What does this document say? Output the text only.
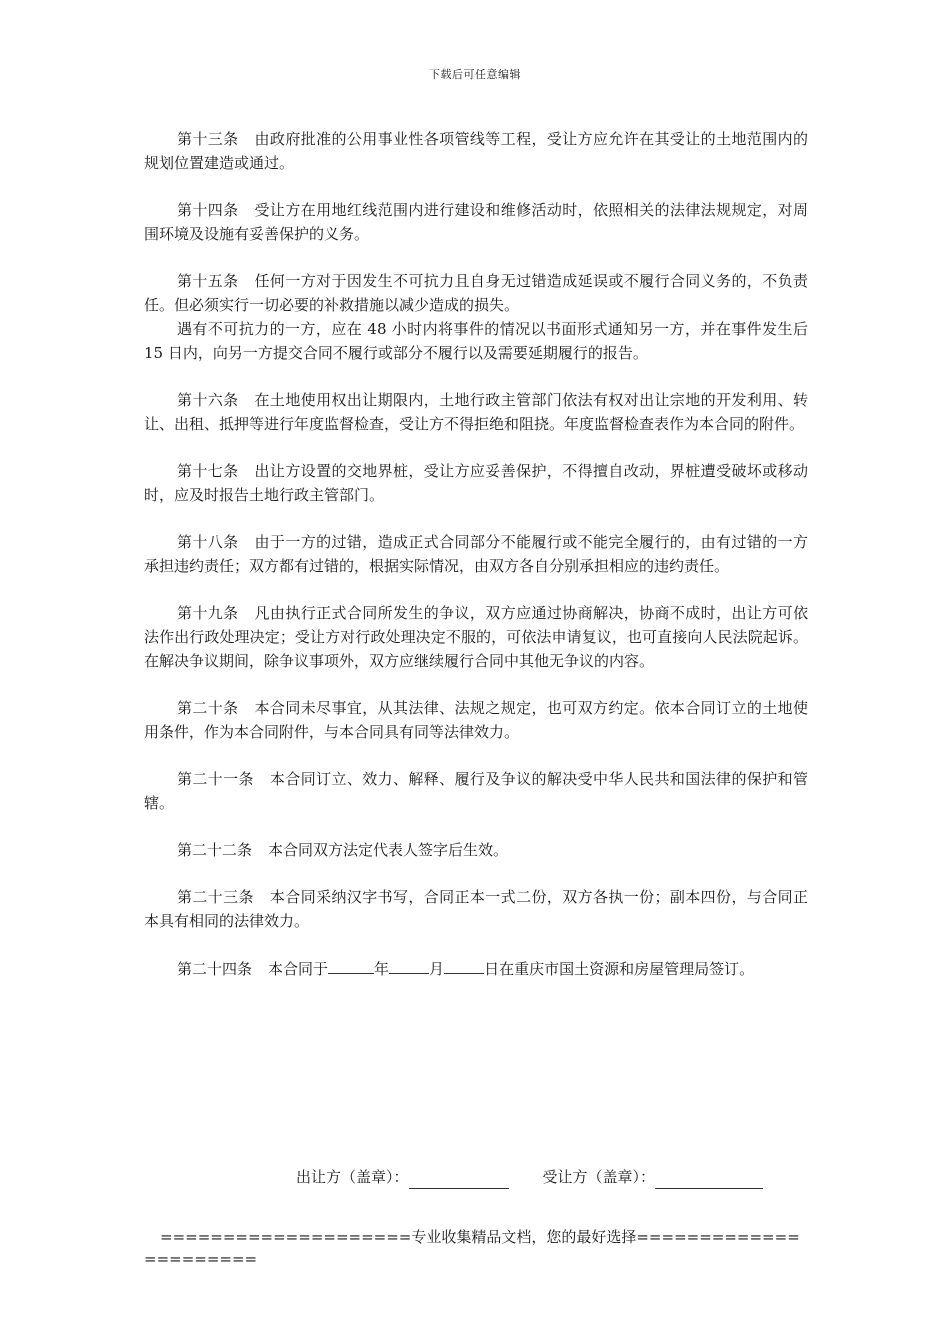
下载后可任意编辑

第十三条 由政府批准的公用事业性各项管线等工程，受让方应允许在其受让的土地范围内的规划位置建造或通过。

第十四条 受让方在用地红线范围内进行建设和维修活动时，依照相关的法律法规规定，对周围环境及设施有妥善保护的义务。

第十五条 任何一方对于因发生不可抗力且自身无过错造成延误或不履行合同义务的，不负责任。但必须实行一切必要的补救措施以减少造成的损失。

遇有不可抗力的一方，应在 48 小时内将事件的情况以书面形式通知另一方，并在事件发生后 15 日内，向另一方提交合同不履行或部分不履行以及需要延期履行的报告。

第十六条 在土地使用权出让期限内，土地行政主管部门依法有权对出让宗地的开发利用、转让、出租、抵押等进行年度监督检查，受让方不得拒绝和阻挠。年度监督检查表作为本合同的附件。

第十七条 出让方设置的交地界桩，受让方应妥善保护，不得擅自改动，界桩遭受破坏或移动时，应及时报告土地行政主管部门。

第十八条 由于一方的过错，造成正式合同部分不能履行或不能完全履行的，由有过错的一方承担违约责任；双方都有过错的，根据实际情况，由双方各自分别承担相应的违约责任。

第十九条 凡由执行正式合同所发生的争议，双方应通过协商解决，协商不成时，出让方可依法作出行政处理决定；受让方对行政处理决定不服的，可依法申请复议，也可直接向人民法院起诉。在解决争议期间，除争议事项外，双方应继续履行合同中其他无争议的内容。

第二十条 本合同未尽事宜，从其法律、法规之规定，也可双方约定。依本合同订立的土地使用条件，作为本合同附件，与本合同具有同等法律效力。

第二十一条 本合同订立、效力、解释、履行及争议的解决受中华人民共和国法律的保护和管辖。

第二十二条 本合同双方法定代表人签字后生效。

第二十三条 本合同采纳汉字书写，合同正本一式二份，双方各执一份；副本四份，与合同正本具有相同的法律效力。

第二十四条 本合同于	年	月	日在重庆市国土资源和房屋管理局签订。

出让方（盖章）：	受让方（盖章）：
====================专业收集精品文档，您的最好选择======================
